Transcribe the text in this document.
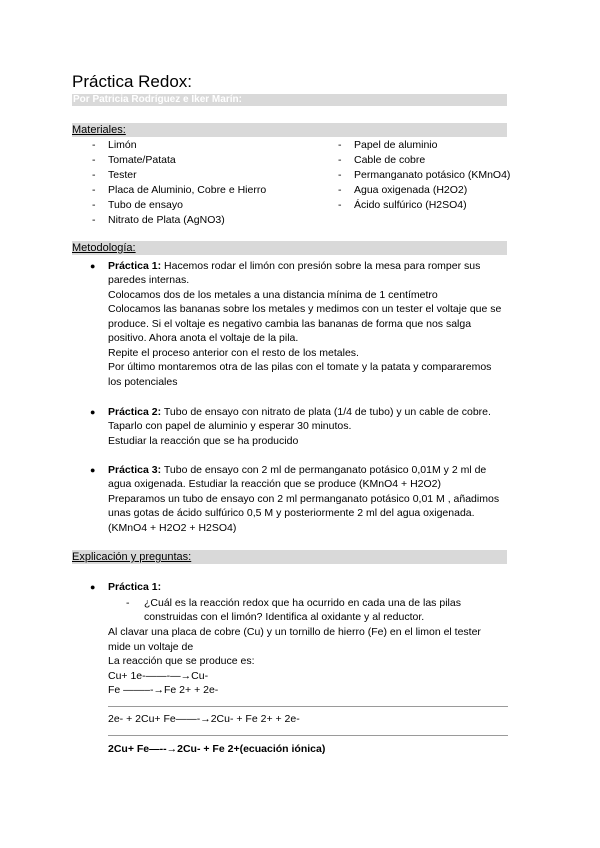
Práctica Redox:
Por Patricia Rodríguez e Iker Marín:
Materiales:
- Limón
- Tomate/Patata
- Tester
- Placa de Aluminio, Cobre e Hierro
- Tubo de ensayo
- Nitrato de Plata (AgNO3)
- Papel de aluminio
- Cable de cobre
- Permanganato potásico (KMnO4)
- Agua oxigenada (H2O2)
- Ácido sulfúrico (H2SO4)
Metodología:
● Práctica 1: Hacemos rodar el limón con presión sobre la mesa para romper sus
paredes internas.
Colocamos dos de los metales a una distancia mínima de 1 centímetro
Colocamos las bananas sobre los metales y medimos con un tester el voltaje que se
produce. Si el voltaje es negativo cambia las bananas de forma que nos salga
positivo. Ahora anota el voltaje de la pila.
Repite el proceso anterior con el resto de los metales.
Por último montaremos otra de las pilas con el tomate y la patata y compararemos
los potenciales
● Práctica 2: Tubo de ensayo con nitrato de plata (1/4 de tubo) y un cable de cobre.
Taparlo con papel de aluminio y esperar 30 minutos.
Estudiar la reacción que se ha producido
● Práctica 3: Tubo de ensayo con 2 ml de permanganato potásico 0,01M y 2 ml de
agua oxigenada. Estudiar la reacción que se produce (KMnO4 + H2O2)
Preparamos un tubo de ensayo con 2 ml permanganato potásico 0,01 M , añadimos
unas gotas de ácido sulfúrico 0,5 M y posteriormente 2 ml del agua oxigenada.
(KMnO4 + H2O2 + H2SO4)
Explicación y preguntas:
● Práctica 1:
- ¿Cuál es la reacción redox que ha ocurrido en cada una de las pilas
construidas con el limón? Identifica al oxidante y al reductor.
Al clavar una placa de cobre (Cu) y un tornillo de hierro (Fe) en el limon el tester
mide un voltaje de
La reacción que se produce es:
Cu+ 1e-——-—→Cu-
Fe ——–-→Fe 2+ + 2e-
2e- + 2Cu+ Fe——-→2Cu- + Fe 2+ + 2e-
2Cu+ Fe—--→2Cu- + Fe 2+(ecuación iónica)
